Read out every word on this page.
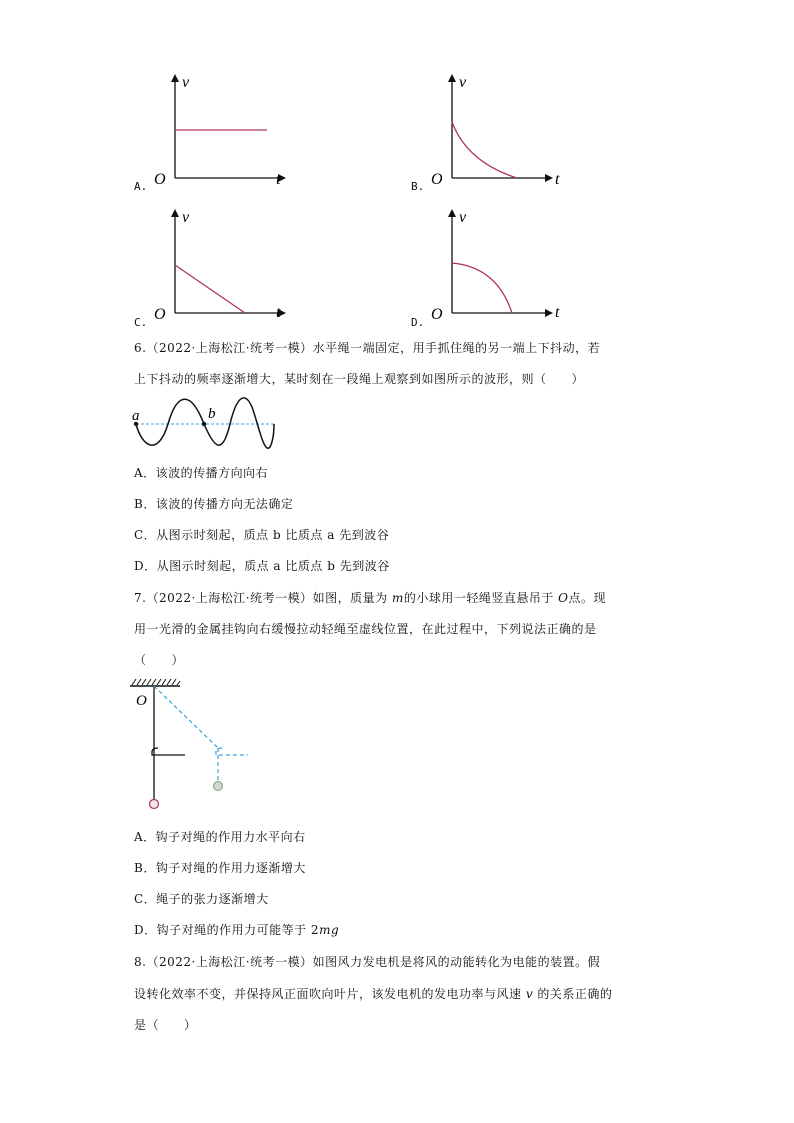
v
O	t
A.
v
O	t
B.
v
O	t
C.
v
O	t
D.
6.（2022·上海松江·统考一模）水平绳一端固定，用手抓住绳的另一端上下抖动，若
上下抖动的频率逐渐增大，某时刻在一段绳上观察到如图所示的波形，则（　　）
a	b
A．该波的传播方向向右
B．该波的传播方向无法确定
C．从图示时刻起，质点 b 比质点 a 先到波谷
D．从图示时刻起，质点 a 比质点 b 先到波谷
7.（2022·上海松江·统考一模）如图，质量为 m的小球用一轻绳竖直悬吊于 O点。现
用一光滑的金属挂钩向右缓慢拉动轻绳至虚线位置，在此过程中，下列说法正确的是
（　　）
O
A．钩子对绳的作用力水平向右
B．钩子对绳的作用力逐渐增大
C．绳子的张力逐渐增大
D．钩子对绳的作用力可能等于 2mg
8.（2022·上海松江·统考一模）如图风力发电机是将风的动能转化为电能的装置。假
设转化效率不变，并保持风正面吹向叶片，该发电机的发电功率与风速 v 的关系正确的
是（　　）
